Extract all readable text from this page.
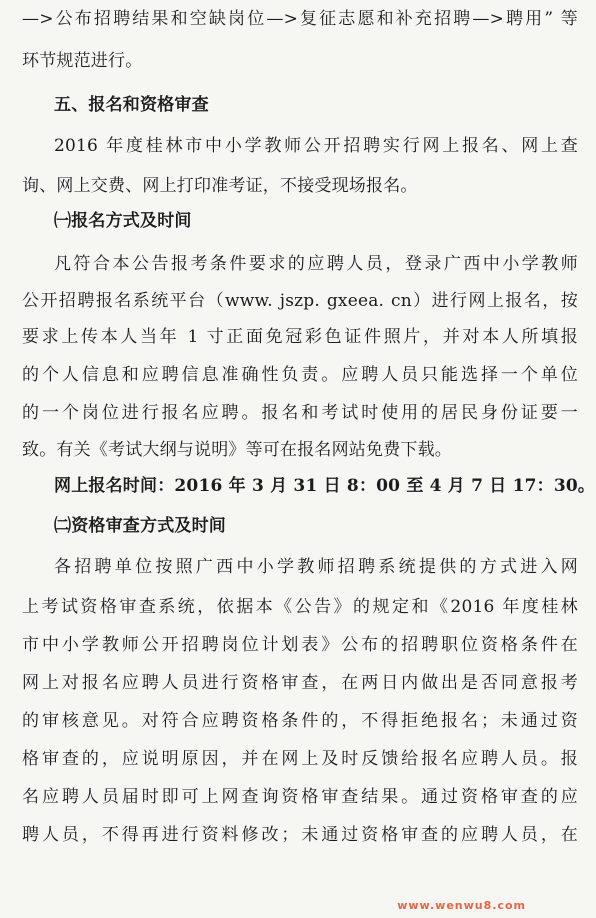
—>公布招聘结果和空缺岗位—>复征志愿和补充招聘—>聘用” 等
环节规范进行。
五、报名和资格审查
2016 年度桂林市中小学教师公开招聘实行网上报名、网上查
询、网上交费、网上打印准考证，不接受现场报名。
㈠报名方式及时间
凡符合本公告报考条件要求的应聘人员，登录广西中小学教师
公开招聘报名系统平台（www. jszp. gxeea. cn）进行网上报名，按
要求上传本人当年 1 寸正面免冠彩色证件照片，并对本人所填报
的个人信息和应聘信息准确性负责。应聘人员只能选择一个单位
的一个岗位进行报名应聘。报名和考试时使用的居民身份证要一
致。有关《考试大纲与说明》等可在报名网站免费下载。
网上报名时间：2016 年 3 月 31 日 8：00 至 4 月 7 日 17：30。
㈡资格审查方式及时间
各招聘单位按照广西中小学教师招聘系统提供的方式进入网
上考试资格审查系统，依据本《公告》的规定和《2016 年度桂林
市中小学教师公开招聘岗位计划表》公布的招聘职位资格条件在
网上对报名应聘人员进行资格审查，在两日内做出是否同意报考
的审核意见。对符合应聘资格条件的，不得拒绝报名；未通过资
格审查的，应说明原因，并在网上及时反馈给报名应聘人员。报
名应聘人员届时即可上网查询资格审查结果。通过资格审查的应
聘人员，不得再进行资料修改；未通过资格审查的应聘人员，在
www.wenwu8.com
